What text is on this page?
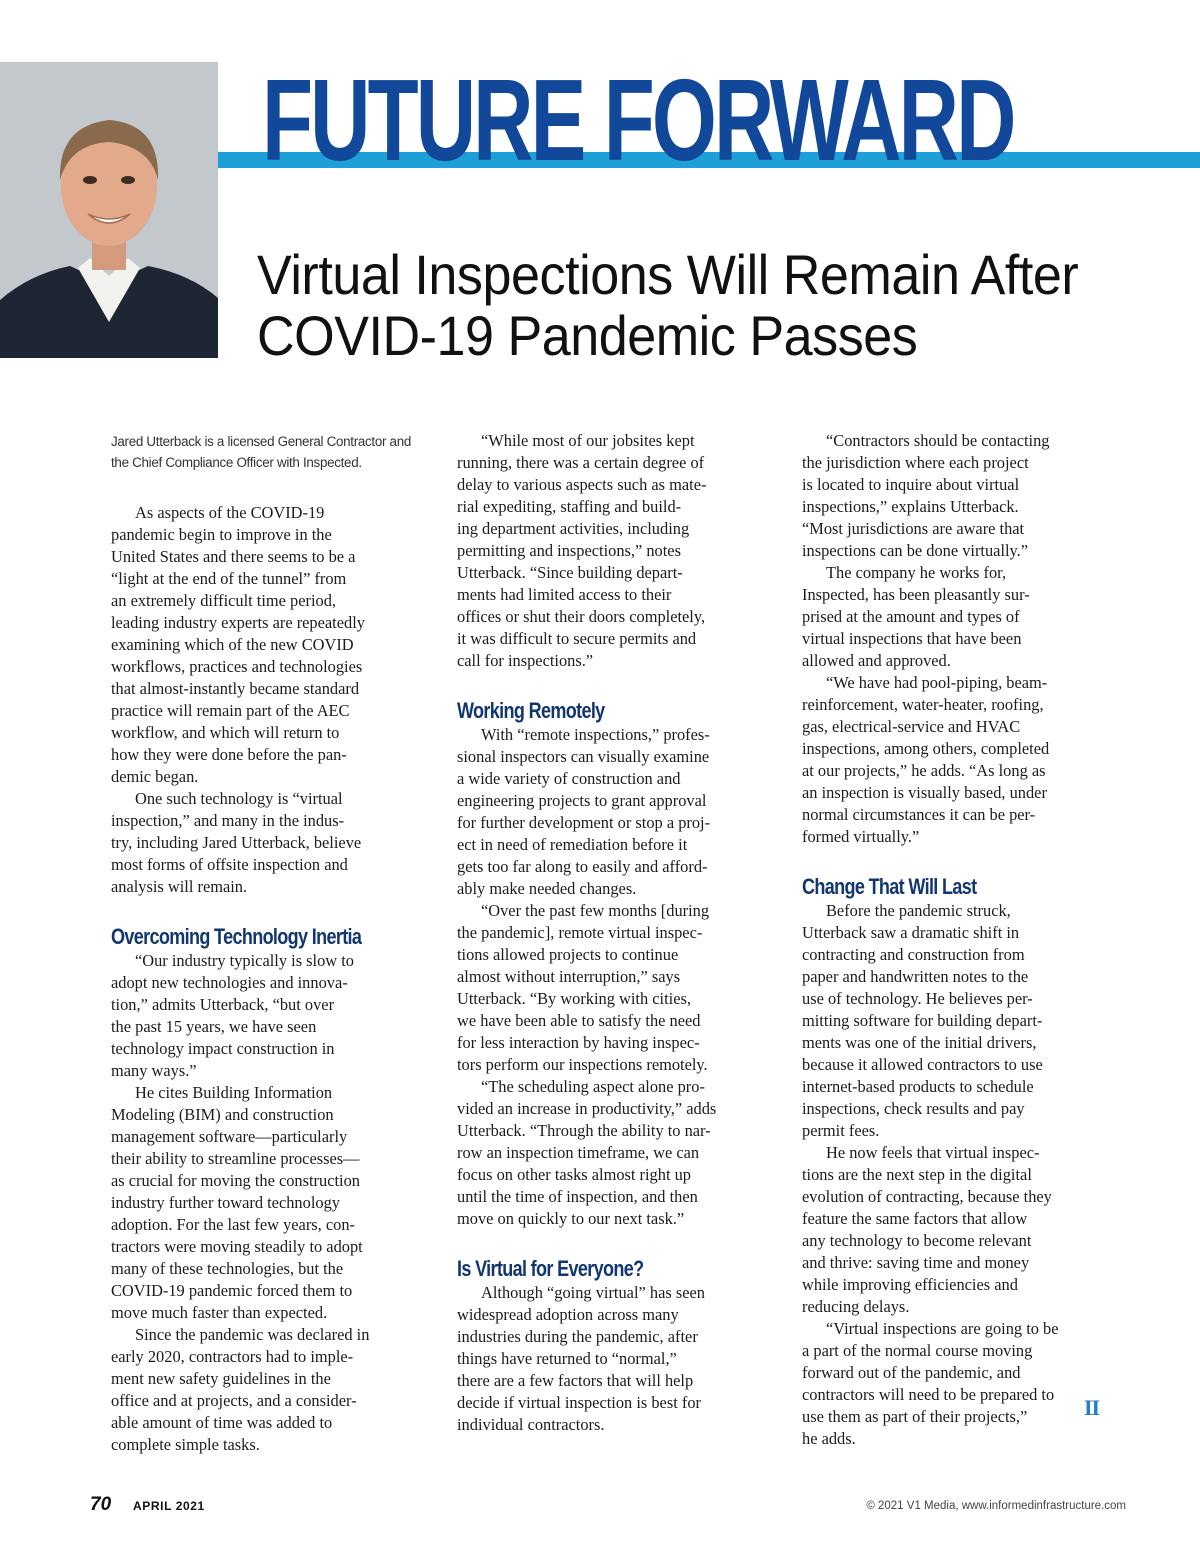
FUTURE FORWARD
Virtual Inspections Will Remain After
COVID-19 Pandemic Passes
Jared Utterback is a licensed General Contractor and the Chief Compliance Officer with Inspected.

As aspects of the COVID-19
pandemic begin to improve in the
United States and there seems to be a
“light at the end of the tunnel” from
an extremely difficult time period,
leading industry experts are repeatedly
examining which of the new COVID
workflows, practices and technologies
that almost-instantly became standard
practice will remain part of the AEC
workflow, and which will return to
how they were done before the pan-
demic began.

One such technology is “virtual
inspection,” and many in the indus-
try, including Jared Utterback, believe
most forms of offsite inspection and
analysis will remain.

Overcoming Technology Inertia

“Our industry typically is slow to
adopt new technologies and innova-
tion,” admits Utterback, “but over
the past 15 years, we have seen
technology impact construction in
many ways.”

He cites Building Information
Modeling (BIM) and construction
management software—particularly
their ability to streamline processes—
as crucial for moving the construction
industry further toward technology
adoption. For the last few years, con-
tractors were moving steadily to adopt
many of these technologies, but the
COVID-19 pandemic forced them to
move much faster than expected.

Since the pandemic was declared in
early 2020, contractors had to imple-
ment new safety guidelines in the
office and at projects, and a consider-
able amount of time was added to
complete simple tasks.

“While most of our jobsites kept
running, there was a certain degree of
delay to various aspects such as mate-
rial expediting, staffing and build-
ing department activities, including
permitting and inspections,” notes
Utterback. “Since building depart-
ments had limited access to their
offices or shut their doors completely,
it was difficult to secure permits and
call for inspections.”

Working Remotely

With “remote inspections,” profes-
sional inspectors can visually examine
a wide variety of construction and
engineering projects to grant approval
for further development or stop a proj-
ect in need of remediation before it
gets too far along to easily and afford-
ably make needed changes.

“Over the past few months [during
the pandemic], remote virtual inspec-
tions allowed projects to continue
almost without interruption,” says
Utterback. “By working with cities,
we have been able to satisfy the need
for less interaction by having inspec-
tors perform our inspections remotely.

“The scheduling aspect alone pro-
vided an increase in productivity,” adds
Utterback. “Through the ability to nar-
row an inspection timeframe, we can
focus on other tasks almost right up
until the time of inspection, and then
move on quickly to our next task.”

Is Virtual for Everyone?

Although “going virtual” has seen
widespread adoption across many
industries during the pandemic, after
things have returned to “normal,”
there are a few factors that will help
decide if virtual inspection is best for
individual contractors.

“Contractors should be contacting
the jurisdiction where each project
is located to inquire about virtual
inspections,” explains Utterback.
“Most jurisdictions are aware that
inspections can be done virtually.”

The company he works for,
Inspected, has been pleasantly sur-
prised at the amount and types of
virtual inspections that have been
allowed and approved.

“We have had pool-piping, beam-
reinforcement, water-heater, roofing,
gas, electrical-service and HVAC
inspections, among others, completed
at our projects,” he adds. “As long as
an inspection is visually based, under
normal circumstances it can be per-
formed virtually.”

Change That Will Last

Before the pandemic struck,
Utterback saw a dramatic shift in
contracting and construction from
paper and handwritten notes to the
use of technology. He believes per-
mitting software for building depart-
ments was one of the initial drivers,
because it allowed contractors to use
internet-based products to schedule
inspections, check results and pay
permit fees.

He now feels that virtual inspec-
tions are the next step in the digital
evolution of contracting, because they
feature the same factors that allow
any technology to become relevant
and thrive: saving time and money
while improving efficiencies and
reducing delays.

“Virtual inspections are going to be
a part of the normal course moving
forward out of the pandemic, and
contractors will need to be prepared to
use them as part of their projects,”
he adds.

II
70 APRIL 2021	© 2021 V1 Media, www.informedinfrastructure.com
